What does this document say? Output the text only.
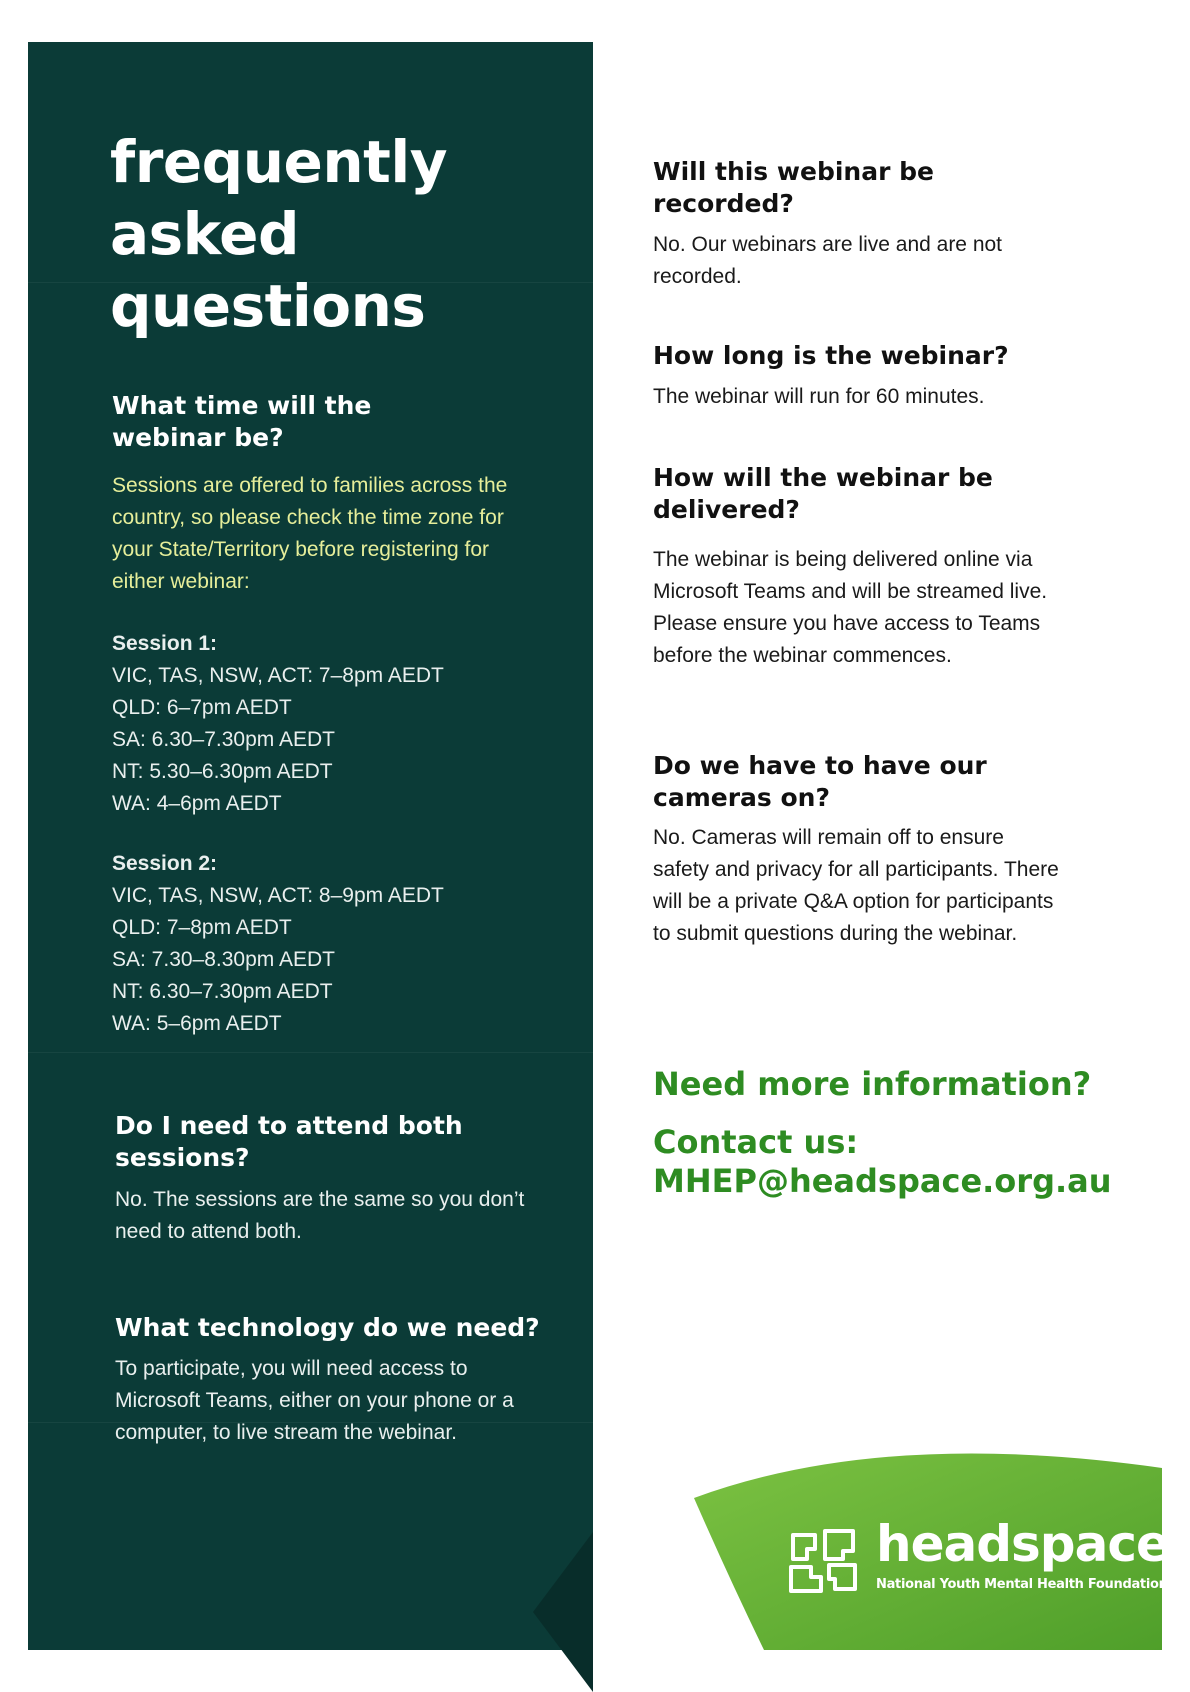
frequently
asked
questions
What time will the webinar be?

Sessions are offered to families across the country, so please check the time zone for your State/Territory before registering for either webinar:

Session 1:
VIC, TAS, NSW, ACT: 7–8pm AEDT
QLD: 6–7pm AEDT
SA: 6.30–7.30pm AEDT
NT: 5.30–6.30pm AEDT
WA: 4–6pm AEDT
Session 2:
VIC, TAS, NSW, ACT: 8–9pm AEDT
QLD: 7–8pm AEDT
SA: 7.30–8.30pm AEDT
NT: 6.30–7.30pm AEDT
WA: 5–6pm AEDT
Do I need to attend both sessions?

No. The sessions are the same so you don’t need to attend both.

What technology do we need?

To participate, you will need access to Microsoft Teams, either on your phone or a computer, to live stream the webinar.

Will this webinar be recorded?

No. Our webinars are live and are not recorded.

How long is the webinar?

The webinar will run for 60 minutes.

How will the webinar be delivered?

The webinar is being delivered online via Microsoft Teams and will be streamed live. Please ensure you have access to Teams before the webinar commences.

Do we have to have our cameras on?

No. Cameras will remain off to ensure safety and privacy for all participants. There will be a private Q&A option for participants to submit questions during the webinar.

Need more information?
Contact us:
MHEP@headspace.org.au
headspace
National Youth Mental Health Foundation
